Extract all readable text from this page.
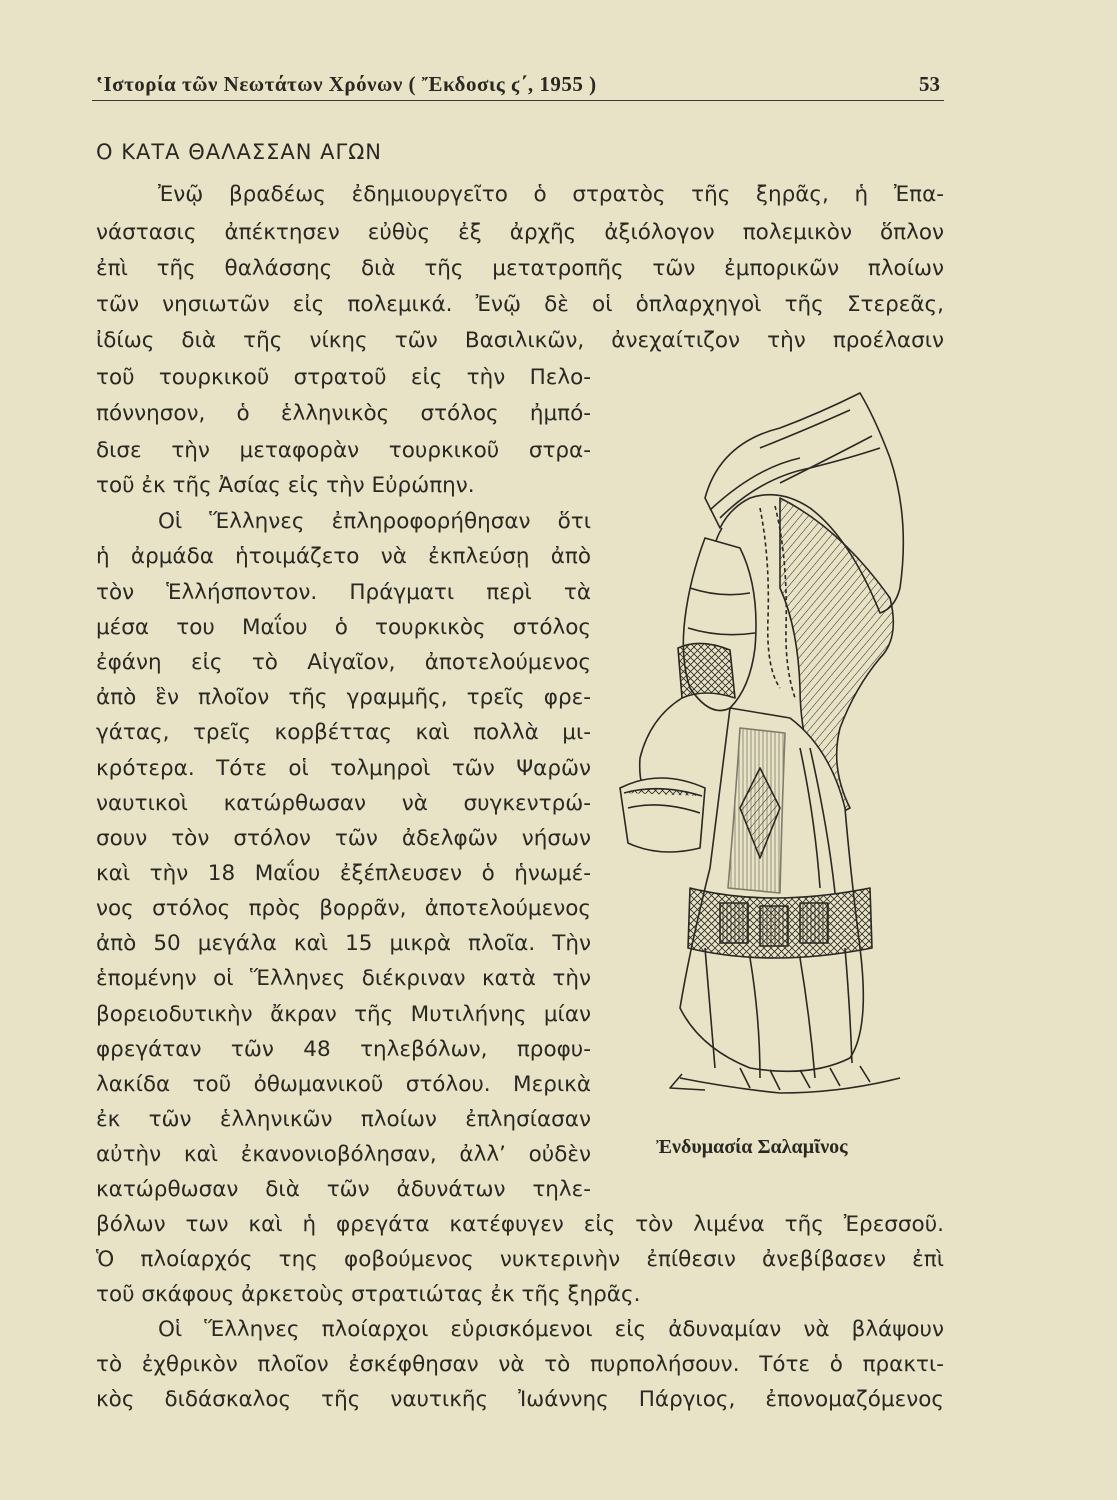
ʽΙστορία τῶν Νεωτάτων Χρόνων ( Ἔκδοσις ϛ΄, 1955 )	53
Ο ΚΑΤΑ ΘΑΛΑΣΣΑΝ ΑΓΩΝ
Ἐνῷ βραδέως ἐδημιουργεῖτο ὁ στρατὸς τῆς ξηρᾶς, ἡ Ἐπα-
νάστασις ἀπέκτησεν εὐθὺς ἐξ ἀρχῆς ἀξιόλογον πολεμικὸν ὅπλον
ἐπὶ τῆς θαλάσσης διὰ τῆς μετατροπῆς τῶν ἐμπορικῶν πλοίων
τῶν νησιωτῶν εἰς πολεμικά. Ἐνῷ δὲ οἱ ὁπλαρχηγοὶ τῆς Στερεᾶς,
ἰδίως διὰ τῆς νίκης τῶν Βασιλικῶν, ἀνεχαίτιζον τὴν προέλασιν
τοῦ τουρκικοῦ στρατοῦ εἰς τὴν Πελο-
πόννησον, ὁ ἑλληνικὸς στόλος ἠμπό-
δισε τὴν μεταφορὰν τουρκικοῦ στρα-
τοῦ ἐκ τῆς Ἀσίας εἰς τὴν Εὐρώπην.
Οἱ Ἕλληνες ἐπληροφορήθησαν ὅτι
ἡ ἀρμάδα ἡτοιμάζετο νὰ ἐκπλεύσῃ ἀπὸ
τὸν Ἑλλήσποντον. Πράγματι περὶ τὰ
μέσα του Μαΐου ὁ τουρκικὸς στόλος
ἐφάνη εἰς τὸ Αἰγαῖον, ἀποτελούμενος
ἀπὸ ἓν πλοῖον τῆς γραμμῆς, τρεῖς φρε-
γάτας, τρεῖς κορβέττας καὶ πολλὰ μι-
κρότερα. Τότε οἱ τολμηροὶ τῶν Ψαρῶν
ναυτικοὶ κατώρθωσαν νὰ συγκεντρώ-
σουν τὸν στόλον τῶν ἀδελφῶν νήσων
καὶ τὴν 18 Μαΐου ἐξέπλευσεν ὁ ἡνωμέ-
νος στόλος πρὸς βορρᾶν, ἀποτελούμενος
ἀπὸ 50 μεγάλα καὶ 15 μικρὰ πλοῖα. Τὴν
ἑπομένην οἱ Ἕλληνες διέκριναν κατὰ τὴν
βορειοδυτικὴν ἄκραν τῆς Μυτιλήνης μίαν
φρεγάταν τῶν 48 τηλεβόλων, προφυ-
λακίδα τοῦ ὀθωμανικοῦ στόλου. Μερικὰ
ἐκ τῶν ἑλληνικῶν πλοίων ἐπλησίασαν
αὐτὴν καὶ ἐκανονιοβόλησαν, ἀλλ’ οὐδὲν
κατώρθωσαν διὰ τῶν ἀδυνάτων τηλε-
βόλων των καὶ ἡ φρεγάτα κατέφυγεν εἰς τὸν λιμένα τῆς Ἐρεσσοῦ.
Ὁ πλοίαρχός της φοβούμενος νυκτερινὴν ἐπίθεσιν ἀνεβίβασεν ἐπὶ
τοῦ σκάφους ἀρκετοὺς στρατιώτας ἐκ τῆς ξηρᾶς.
Οἱ Ἕλληνες πλοίαρχοι εὑρισκόμενοι εἰς ἀδυναμίαν νὰ βλάψουν
τὸ ἐχθρικὸν πλοῖον ἐσκέφθησαν νὰ τὸ πυρπολήσουν. Τότε ὁ πρακτι-
κὸς διδάσκαλος τῆς ναυτικῆς Ἰωάννης Πάργιος, ἐπονομαζόμενος
Ἐνδυμασία Σαλαμῖνος
